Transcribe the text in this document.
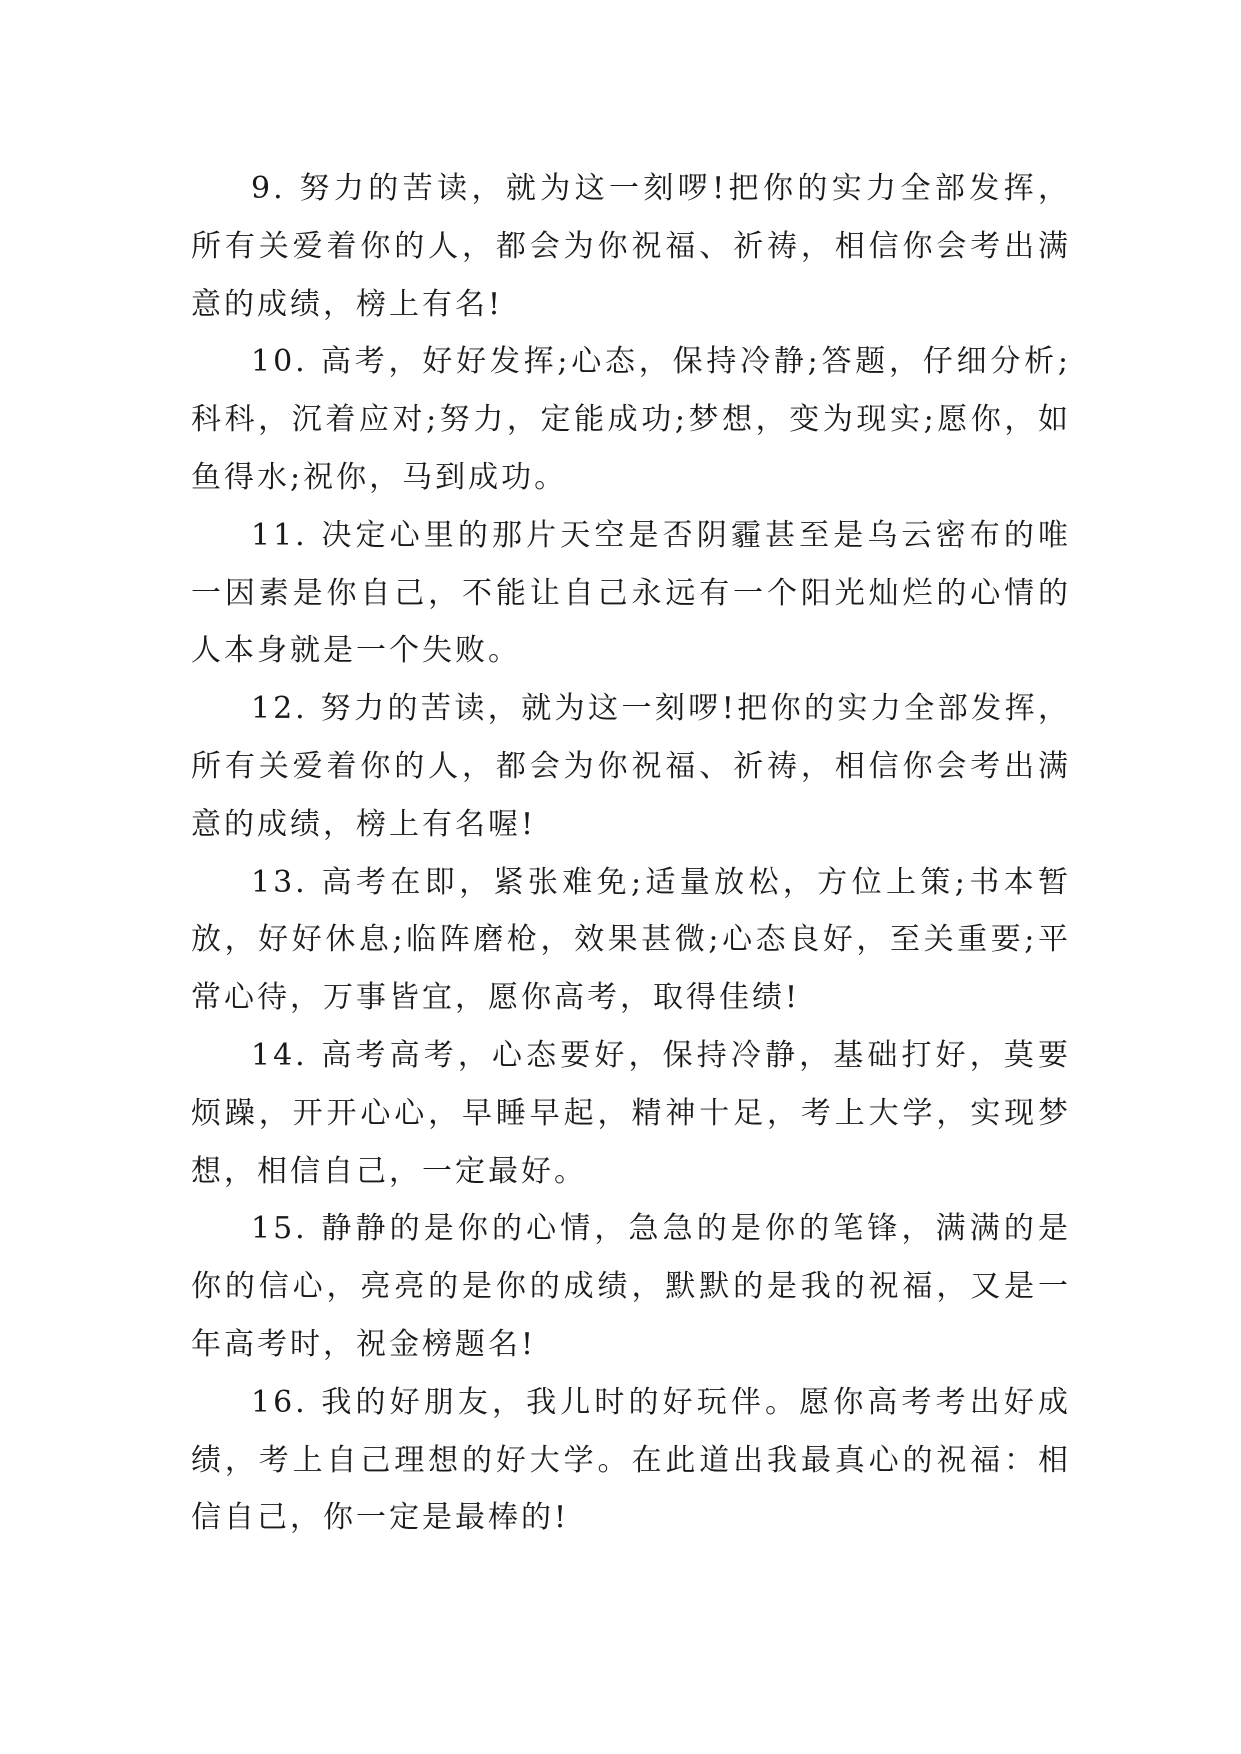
9. 努力的苦读，就为这一刻啰!把你的实力全部发挥，所有关爱着你的人，都会为你祝福、祈祷，相信你会考出满意的成绩，榜上有名!

10. 高考，好好发挥;心态，保持冷静;答题，仔细分析;科科，沉着应对;努力，定能成功;梦想，变为现实;愿你，如鱼得水;祝你，马到成功。

11. 决定心里的那片天空是否阴霾甚至是乌云密布的唯一因素是你自己，不能让自己永远有一个阳光灿烂的心情的人本身就是一个失败。

12. 努力的苦读，就为这一刻啰!把你的实力全部发挥，所有关爱着你的人，都会为你祝福、祈祷，相信你会考出满意的成绩，榜上有名喔!

13. 高考在即，紧张难免;适量放松，方位上策;书本暂放，好好休息;临阵磨枪，效果甚微;心态良好，至关重要;平常心待，万事皆宜，愿你高考，取得佳绩!

14. 高考高考，心态要好，保持冷静，基础打好，莫要烦躁，开开心心，早睡早起，精神十足，考上大学，实现梦想，相信自己，一定最好。

15. 静静的是你的心情，急急的是你的笔锋，满满的是你的信心，亮亮的是你的成绩，默默的是我的祝福，又是一年高考时，祝金榜题名!

16. 我的好朋友，我儿时的好玩伴。愿你高考考出好成绩，考上自己理想的好大学。在此道出我最真心的祝福：相信自己，你一定是最棒的!
